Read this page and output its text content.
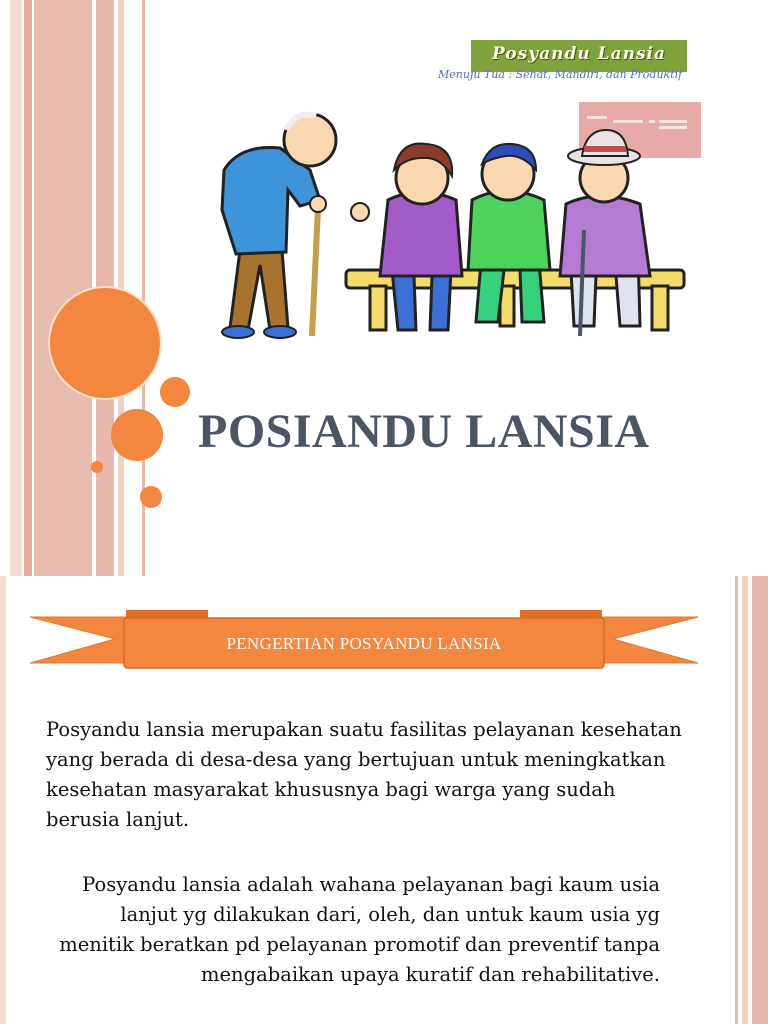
Posyandu Lansia
Menuju Tua : Sehat, Mandiri, dan Produktif
POSIANDU LANSIA
PENGERTIAN POSYANDU LANSIA
Posyandu lansia merupakan suatu fasilitas pelayanan kesehatan yang berada di desa-desa yang bertujuan untuk meningkatkan kesehatan masyarakat khususnya bagi warga yang sudah berusia lanjut.
Posyandu lansia adalah wahana pelayanan bagi kaum usia lanjut yg dilakukan dari, oleh, dan untuk kaum usia yg menitik beratkan pd pelayanan promotif dan preventif tanpa mengabaikan upaya kuratif dan rehabilitative.
